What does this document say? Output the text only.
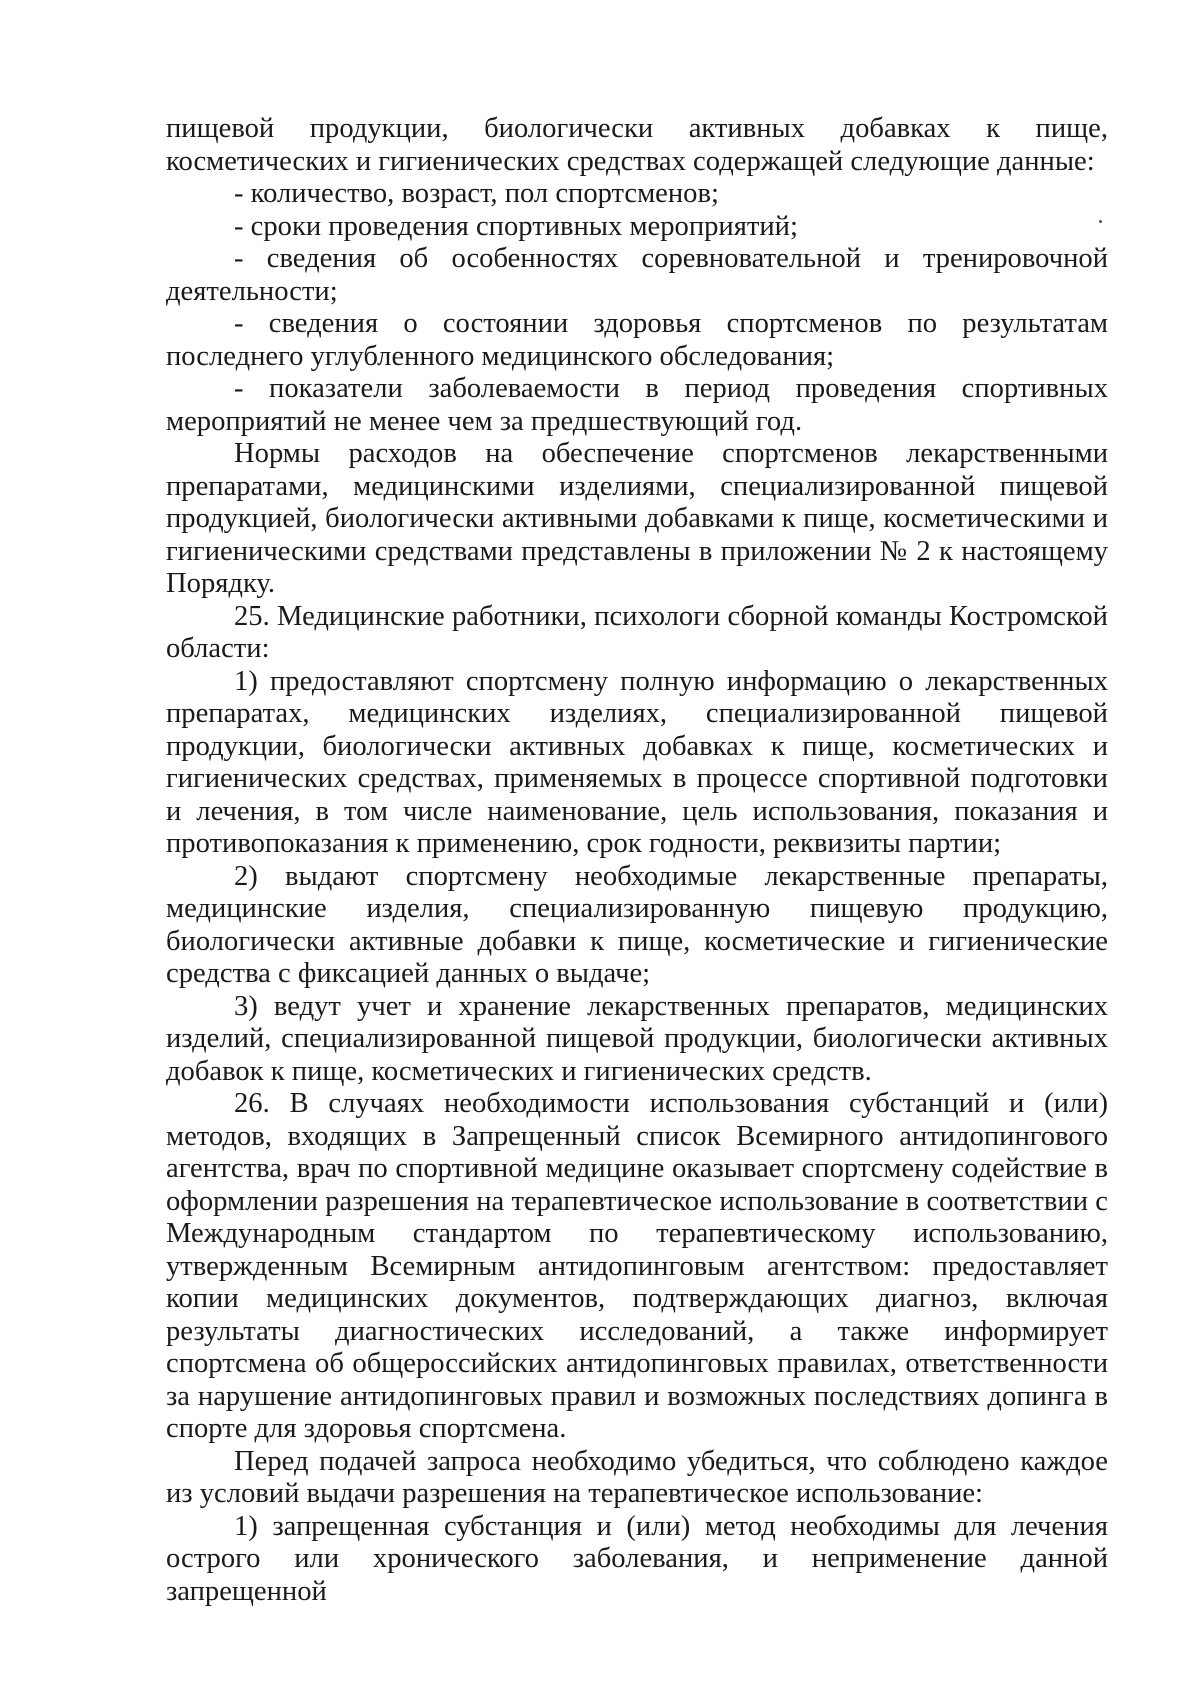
пищевой продукции, биологически активных добавках к пище, косметических и гигиенических средствах содержащей следующие данные:

- количество, возраст, пол спортсменов;

- сроки проведения спортивных мероприятий;

- сведения об особенностях соревновательной и тренировочной деятельности;

- сведения о состоянии здоровья спортсменов по результатам последнего углубленного медицинского обследования;

- показатели заболеваемости в период проведения спортивных мероприятий не менее чем за предшествующий год.

Нормы расходов на обеспечение спортсменов лекарственными препаратами, медицинскими изделиями, специализированной пищевой продукцией, биологически активными добавками к пище, косметическими и гигиеническими средствами представлены в приложении № 2 к настоящему Порядку.

25. Медицинские работники, психологи сборной команды Костромской области:

1) предоставляют спортсмену полную информацию о лекарственных препаратах, медицинских изделиях, специализированной пищевой продукции, биологически активных добавках к пище, косметических и гигиенических средствах, применяемых в процессе спортивной подготовки и лечения, в том числе наименование, цель использования, показания и противопоказания к применению, срок годности, реквизиты партии;

2) выдают спортсмену необходимые лекарственные препараты, медицинские изделия, специализированную пищевую продукцию, биологически активные добавки к пище, косметические и гигиенические средства с фиксацией данных о выдаче;

3) ведут учет и хранение лекарственных препаратов, медицинских изделий, специализированной пищевой продукции, биологически активных добавок к пище, косметических и гигиенических средств.

26. В случаях необходимости использования субстанций и (или) методов, входящих в Запрещенный список Всемирного антидопингового агентства, врач по спортивной медицине оказывает спортсмену содействие в оформлении разрешения на терапевтическое использование в соответствии с Международным стандартом по терапевтическому использованию, утвержденным Всемирным антидопинговым агентством: предоставляет копии медицинских документов, подтверждающих диагноз, включая результаты диагностических исследований, а также информирует спортсмена об общероссийских антидопинговых правилах, ответственности за нарушение антидопинговых правил и возможных последствиях допинга в спорте для здоровья спортсмена.

Перед подачей запроса необходимо убедиться, что соблюдено каждое из условий выдачи разрешения на терапевтическое использование:

1) запрещенная субстанция и (или) метод необходимы для лечения острого или хронического заболевания, и неприменение данной запрещенной
